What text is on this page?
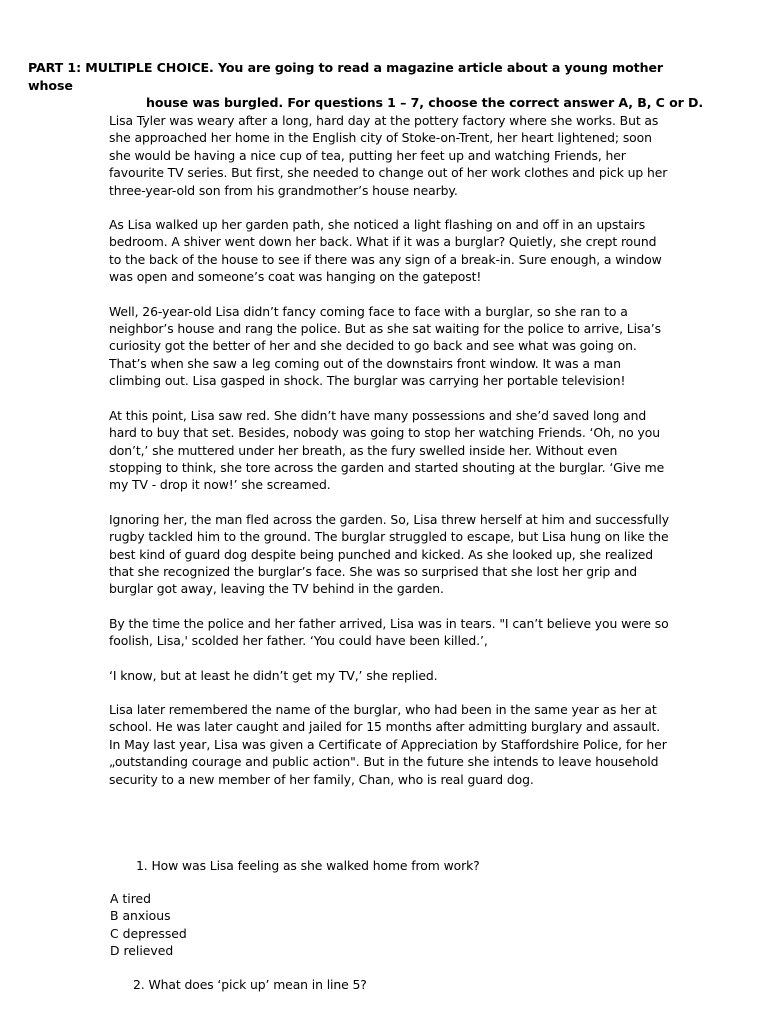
PART 1: MULTIPLE CHOICE. You are going to read a magazine article about a young mother whose
house was burgled. For questions 1 – 7, choose the correct answer A, B, C or D.

Lisa Tyler was weary after a long, hard day at the pottery factory where she works. But as she approached her home in the English city of Stoke-on-Trent, her heart lightened; soon she would be having a nice cup of tea, putting her feet up and watching Friends, her favourite TV series. But first, she needed to change out of her work clothes and pick up her three-year-old son from his grandmother’s house nearby.

As Lisa walked up her garden path, she noticed a light flashing on and off in an upstairs bedroom. A shiver went down her back. What if it was a burglar? Quietly, she crept round to the back of the house to see if there was any sign of a break-in. Sure enough, a window was open and someone’s coat was hanging on the gatepost!

Well, 26-year-old Lisa didn’t fancy coming face to face with a burglar, so she ran to a neighbor’s house and rang the police. But as she sat waiting for the police to arrive, Lisa’s curiosity got the better of her and she decided to go back and see what was going on. That’s when she saw a leg coming out of the downstairs front window. It was a man climbing out. Lisa gasped in shock. The burglar was carrying her portable television!

At this point, Lisa saw red. She didn’t have many possessions and she’d saved long and hard to buy that set. Besides, nobody was going to stop her watching Friends. ‘Oh, no you don’t,’ she muttered under her breath, as the fury swelled inside her. Without even stopping to think, she tore across the garden and started shouting at the burglar. ‘Give me my TV - drop it now!’ she screamed.

Ignoring her, the man fled across the garden. So, Lisa threw herself at him and successfully rugby tackled him to the ground. The burglar struggled to escape, but Lisa hung on like the best kind of guard dog despite being punched and kicked. As she looked up, she realized that she recognized the burglar’s face. She was so surprised that she lost her grip and burglar got away, leaving the TV behind in the garden.

By the time the police and her father arrived, Lisa was in tears. "I can’t believe you were so foolish, Lisa,' scolded her father. ‘You could have been killed.’,

‘I know, but at least he didn’t get my TV,’ she replied.

Lisa later remembered the name of the burglar, who had been in the same year as her at school. He was later caught and jailed for 15 months after admitting burglary and assault. In May last year, Lisa was given a Certificate of Appreciation by Staffordshire Police, for her „outstanding courage and public action". But in the future she intends to leave household security to a new member of her family, Chan, who is real guard dog.

1. How was Lisa feeling as she walked home from work?
A tired
B anxious
C depressed
D relieved
2. What does ‘pick up’ mean in line 5?
